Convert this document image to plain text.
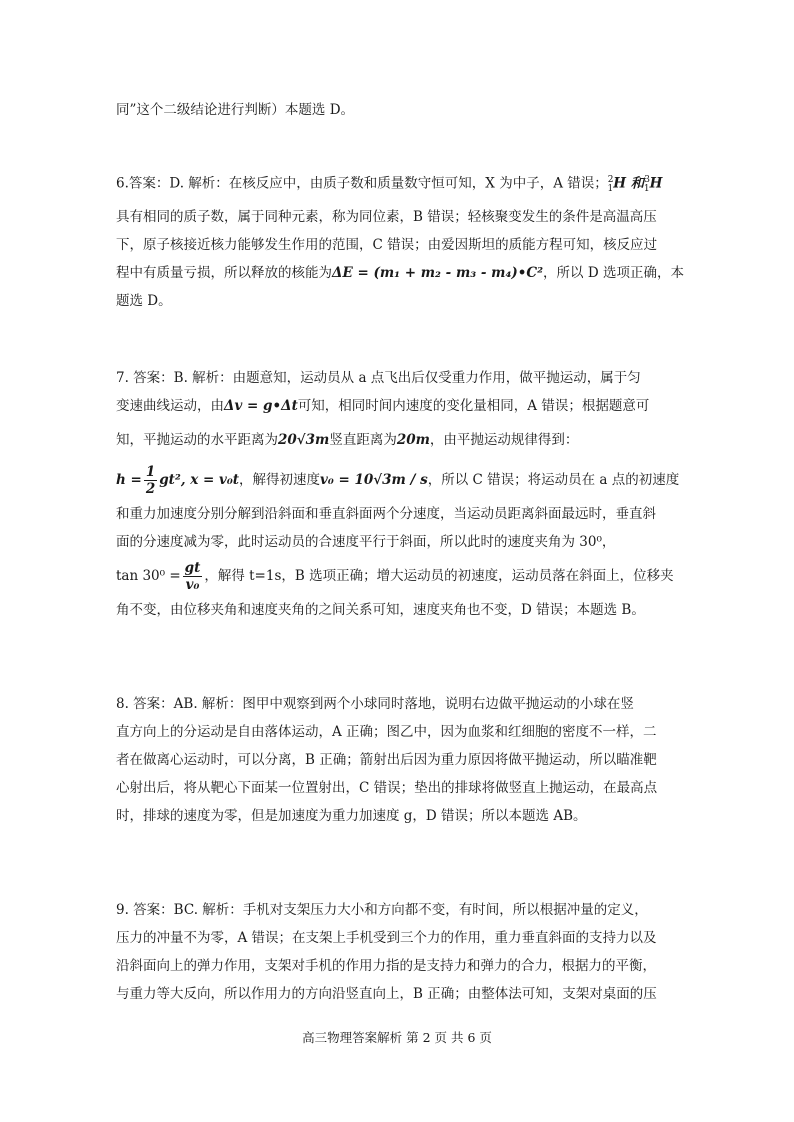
同”这个二级结论进行判断）本题选 D。
6.答案：D. 解析：在核反应中，由质子数和质量数守恒可知，X 为中子，A 错误；$^2_1$H 和$^3_1$H
具有相同的质子数，属于同种元素，称为同位素，B 错误；轻核聚变发生的条件是高温高压
下，原子核接近核力能够发生作用的范围，C 错误；由爱因斯坦的质能方程可知，核反应过
程中有质量亏损，所以释放的核能为ΔE = (m₁ + m₂ - m₃ - m₄)•C²，所以 D 选项正确，本
题选 D。
7. 答案：B. 解析：由题意知，运动员从 a 点飞出后仅受重力作用，做平抛运动，属于匀
变速曲线运动，由Δv = g•Δt可知，相同时间内速度的变化量相同，A 错误；根据题意可
知，平抛运动的水平距离为20√3m竖直距离为20m，由平抛运动规律得到：
$h = \frac{1}{2} gt^2$, x = v₀t，解得初速度v₀ = 10√3m / s，所以 C 错误；将运动员在 a 点的初速度
和重力加速度分别分解到沿斜面和垂直斜面两个分速度，当运动员距离斜面最远时，垂直斜
面的分速度减为零，此时运动员的合速度平行于斜面，所以此时的速度夹角为 30⁰，
$\tan 30^0 = \frac{gt}{\text{v₀}}$ ，解得 t=1s，B 选项正确；增大运动员的初速度，运动员落在斜面上，位移夹
角不变，由位移夹角和速度夹角的之间关系可知，速度夹角也不变，D 错误；本题选 B。
8. 答案：AB. 解析：图甲中观察到两个小球同时落地，说明右边做平抛运动的小球在竖
直方向上的分运动是自由落体运动，A 正确；图乙中，因为血浆和红细胞的密度不一样，二
者在做离心运动时，可以分离，B 正确；箭射出后因为重力原因将做平抛运动，所以瞄准靶
心射出后，将从靶心下面某一位置射出，C 错误；垫出的排球将做竖直上抛运动，在最高点
时，排球的速度为零，但是加速度为重力加速度 g，D 错误；所以本题选 AB。
9. 答案：BC. 解析：手机对支架压力大小和方向都不变，有时间，所以根据冲量的定义，
压力的冲量不为零，A 错误；在支架上手机受到三个力的作用，重力垂直斜面的支持力以及
沿斜面向上的弹力作用，支架对手机的作用力指的是支持力和弹力的合力，根据力的平衡，
与重力等大反向，所以作用力的方向沿竖直向上，B 正确；由整体法可知，支架对桌面的压
高三物理答案解析 第 2 页 共 6 页
